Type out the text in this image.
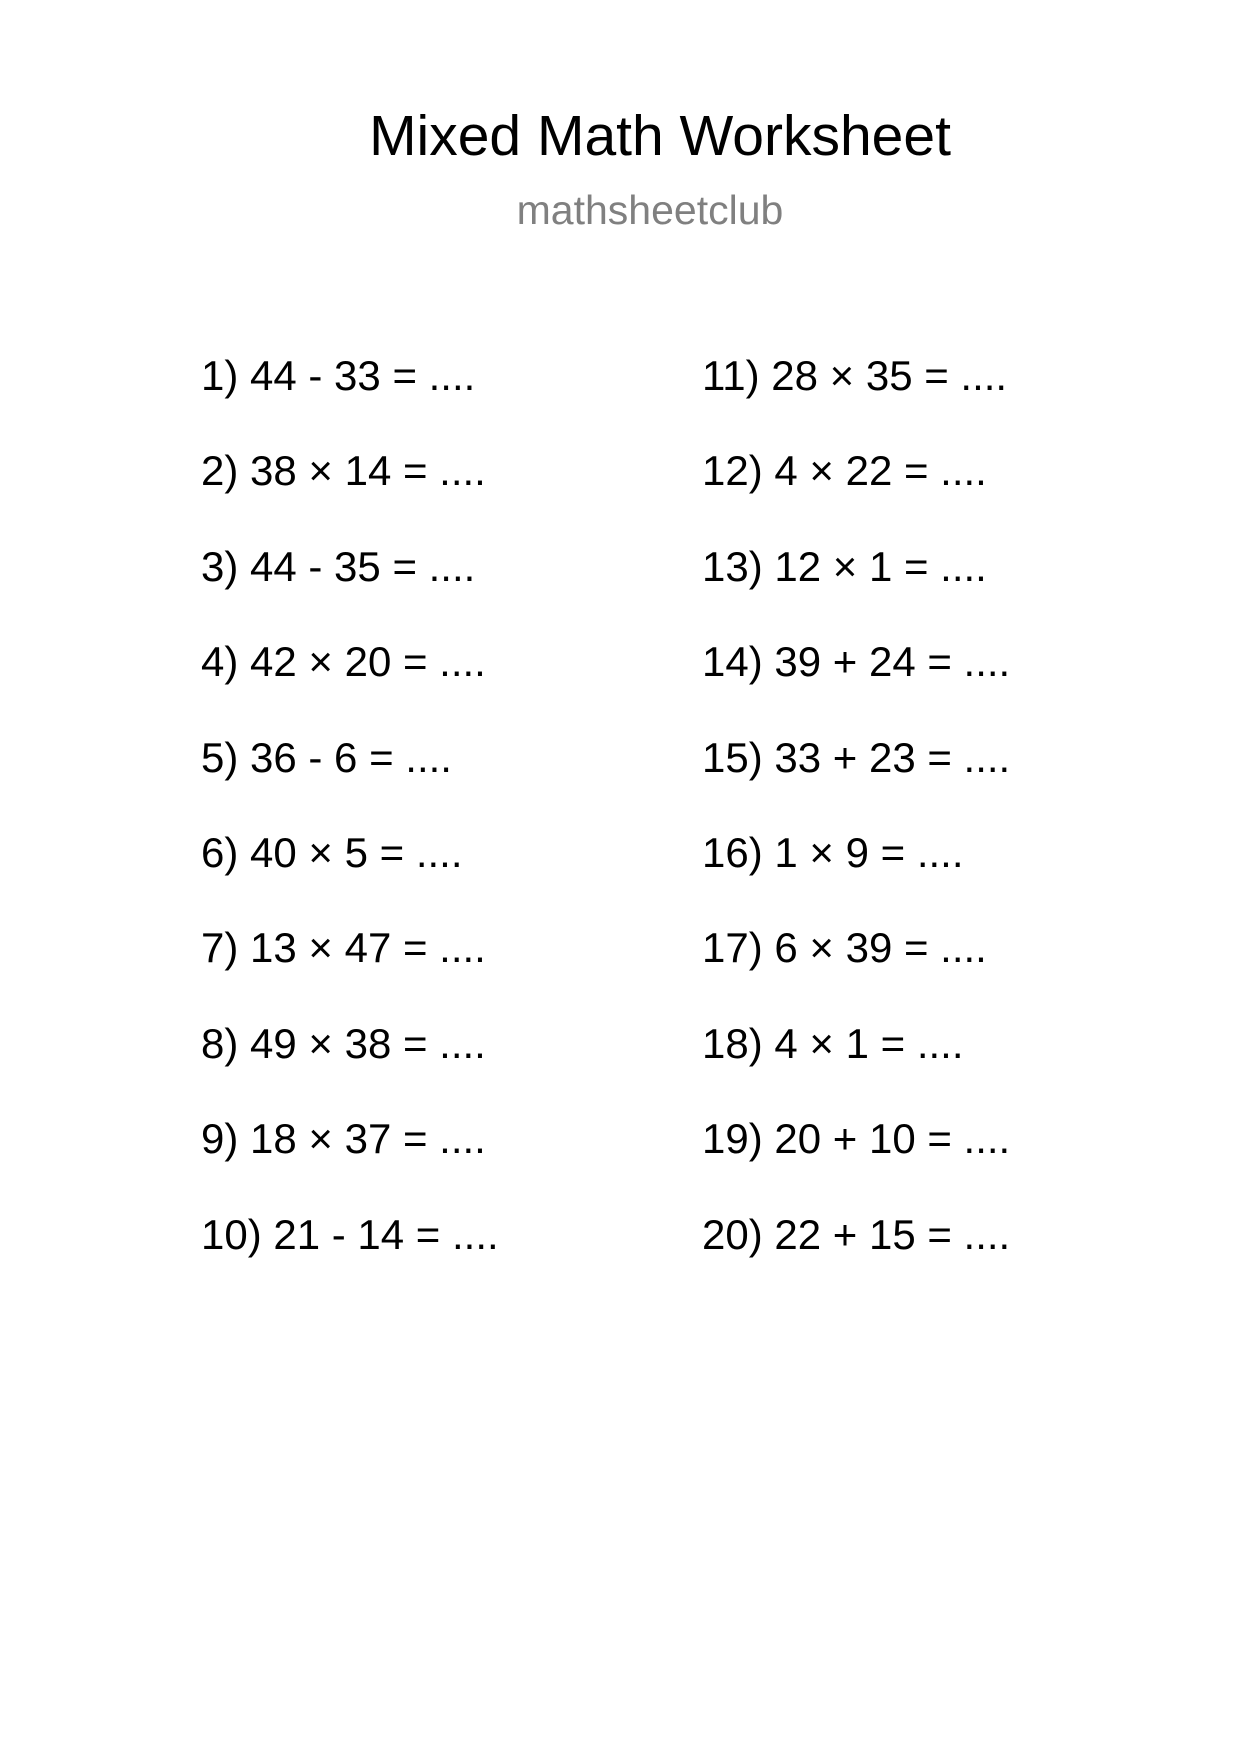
Mixed Math Worksheet
mathsheetclub
1) 44 - 33 = ....
2) 38 × 14 = ....
3) 44 - 35 = ....
4) 42 × 20 = ....
5) 36 - 6 = ....
6) 40 × 5 = ....
7) 13 × 47 = ....
8) 49 × 38 = ....
9) 18 × 37 = ....
10) 21 - 14 = ....
11) 28 × 35 = ....
12) 4 × 22 = ....
13) 12 × 1 = ....
14) 39 + 24 = ....
15) 33 + 23 = ....
16) 1 × 9 = ....
17) 6 × 39 = ....
18) 4 × 1 = ....
19) 20 + 10 = ....
20) 22 + 15 = ....
